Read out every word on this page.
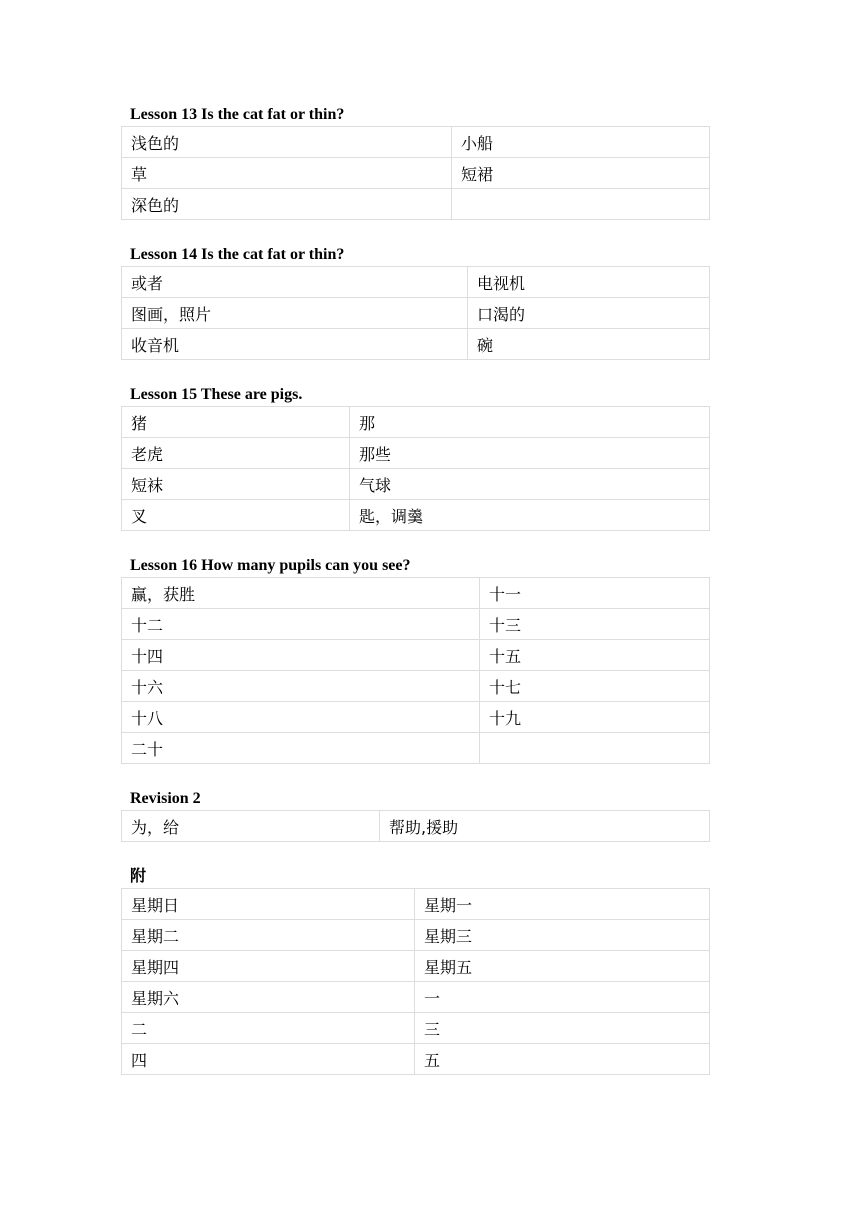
Lesson 13 Is the cat fat or thin?
浅色的	小船
草	短裙
深色的	
Lesson 14 Is the cat fat or thin?
或者	电视机
图画，照片	口渴的
收音机	碗
Lesson 15 These are pigs.
猪	那
老虎	那些
短袜	气球
叉	匙，调羹
Lesson 16 How many pupils can you see?
赢，获胜	十一
十二	十三
十四	十五
十六	十七
十八	十九
二十	
Revision 2
为，给	帮助,援助
附
星期日	星期一
星期二	星期三
星期四	星期五
星期六	一
二	三
四	五
